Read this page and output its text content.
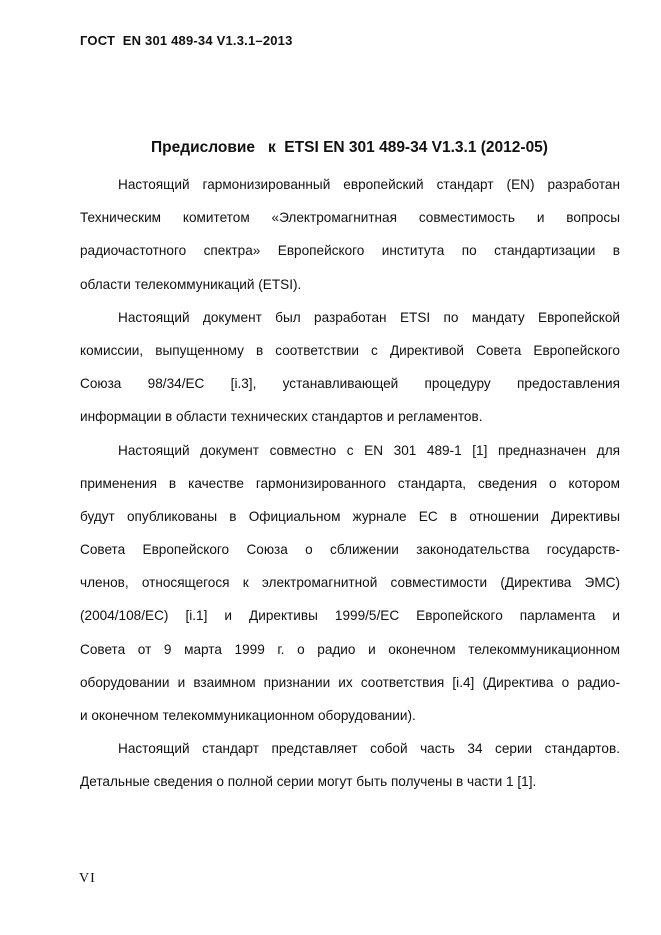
ГОСТ  EN 301 489-34 V1.3.1–2013
Предисловие   к  ETSI EN 301 489-34 V1.3.1 (2012-05)
Настоящий гармонизированный европейский стандарт (EN) разработан
Техническим комитетом «Электромагнитная совместимость и вопросы
радиочастотного спектра» Европейского института по стандартизации в
области телекоммуникаций (ETSI).
Настоящий документ был разработан ETSI по мандату Европейской
комиссии, выпущенному в соответствии с Директивой Совета Европейского
Союза 98/34/ЕС [i.3], устанавливающей процедуру предоставления
информации в области технических стандартов и регламентов.
Настоящий документ совместно с EN 301 489-1 [1] предназначен для
применения в качестве гармонизированного стандарта, сведения о котором
будут опубликованы в Официальном журнале ЕС в отношении Директивы
Совета Европейского Союза о сближении законодательства государств-
членов, относящегося к электромагнитной совместимости (Директива ЭМС)
(2004/108/ЕС) [i.1] и Директивы 1999/5/ЕС Европейского парламента и
Совета от 9 марта 1999 г. о радио и оконечном телекоммуникационном
оборудовании и взаимном признании их соответствия [i.4] (Директива о радио-
и оконечном телекоммуникационном оборудовании).
Настоящий стандарт представляет собой часть 34 серии стандартов.
Детальные сведения о полной серии могут быть получены в части 1 [1].
VI
